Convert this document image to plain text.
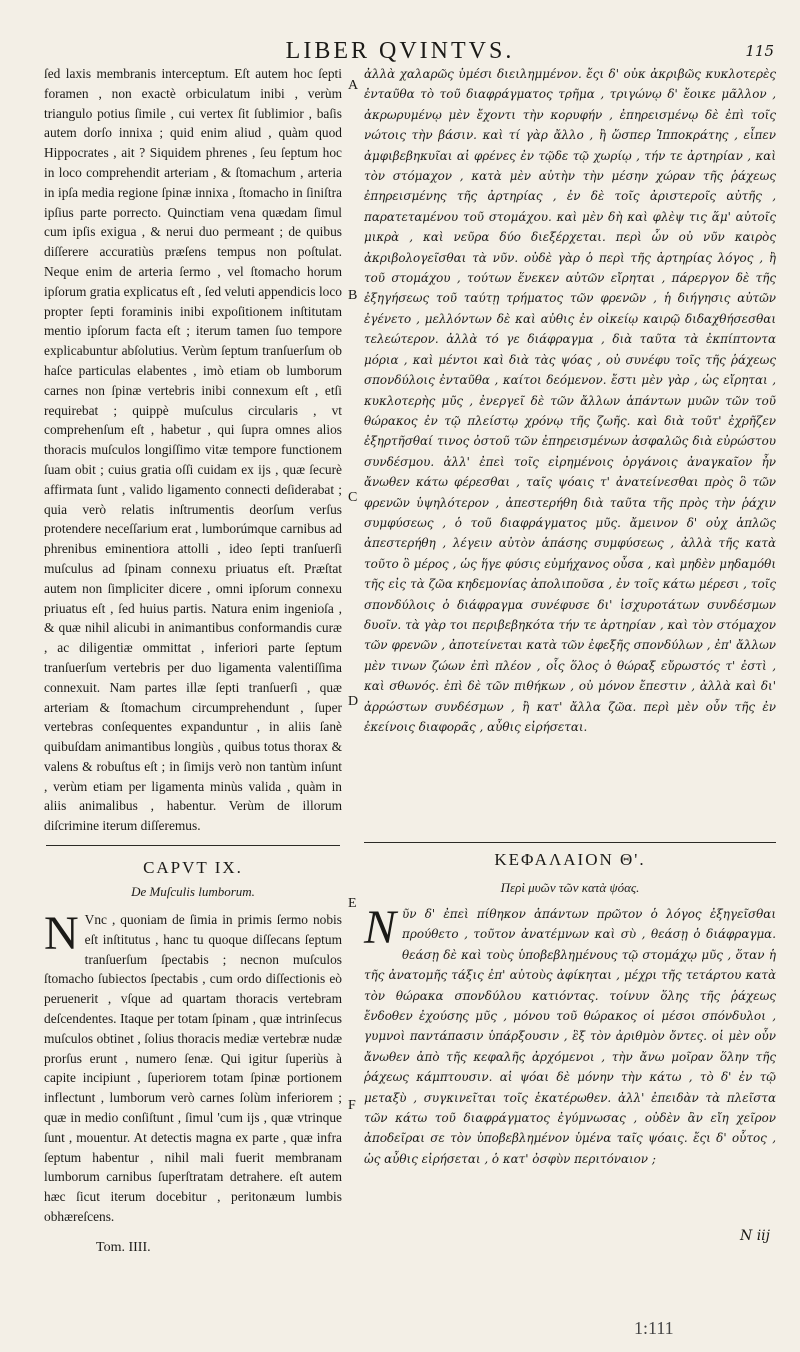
LIBER QVINTVS.	115

ſed laxis membranis interceptum. Eſt autem hoc ſepti foramen , non exactè orbiculatum inibi , verùm triangulo potius ſimile , cui vertex ſit ſublimior , baſis autem dorſo innixa ; quid enim aliud , quàm quod Hippocrates , ait ? Siquidem phrenes , ſeu ſeptum hoc in loco comprehendit arteriam , & ſtomachum , arteria in ipſa media regione ſpinæ innixa , ſtomacho in ſiniſtra ipſius parte porrecto. Quinctiam vena quædam ſimul cum ipſis exigua , & nerui duo permeant ; de quibus diſſerere accuratiùs præſens tempus non poſtulat. Neque enim de arteria ſermo , vel ſtomacho horum ipſorum gratia explicatus eſt , ſed veluti appendicis loco propter ſepti foraminis inibi expoſitionem inſtitutam mentio ipſorum facta eſt ; iterum tamen ſuo tempore explicabuntur abſolutius. Verùm ſeptum tranſuerſum ob haſce particulas elabentes , imò etiam ob lumborum carnes non ſpinæ vertebris inibi connexum eſt , etſi requirebat ; quippè muſculus circularis , vt comprehenſum eſt , habetur , qui ſupra omnes alios thoracis muſculos longiſſimo vitæ tempore functionem ſuam obit ; cuius gratia oſſi cuidam ex ijs , quæ ſecurè affirmata ſunt , valido ligamento connecti deſiderabat ; quia verò relatis inſtrumentis deorſum verſus protendere neceſſarium erat , lumborúmque carnibus ad phrenibus eminentiora attolli , ideo ſepti tranſuerſi muſculus ad ſpinam connexu priuatus eſt. Præſtat autem non ſimpliciter dicere , omni ipſorum connexu priuatus eſt , ſed huius partis. Natura enim ingenioſa , & quæ nihil alicubi in animantibus conformandis curæ , ac diligentiæ ommittat , inferiori parte ſeptum tranſuerſum vertebris per duo ligamenta valentiſſima connexuit. Nam partes illæ ſepti tranſuerſi , quæ arteriam & ſtomachum circumprehendunt , ſuper vertebras conſequentes expanduntur , in aliis ſanè quibuſdam animantibus longiùs , quibus totus thorax & valens & robuſtus eſt ; in ſimijs verò non tantùm inſunt , verùm etiam per ligamenta minùs valida , quàm in aliis animalibus , habentur. Verùm de illorum diſcrimine iterum diſſeremus.

CAPVT IX.
De Muſculis lumborum.

N Vnc , quoniam de ſimia in primis ſermo nobis eſt inſtitutus , hanc tu quoque diſſecans ſeptum tranſuerſum ſpectabis ; necnon muſculos ſtomacho ſubiectos ſpectabis , cum ordo diſſectionis eò peruenerit , vſque ad quartam thoracis vertebram deſcendentes. Itaque per totam ſpinam , quæ intrinſecus muſculos obtinet , ſolius thoracis mediæ vertebræ nudæ prorſus erunt , numero ſenæ. Qui igitur ſuperiùs à capite incipiunt , ſuperiorem totam ſpinæ portionem inflectunt , lumborum verò carnes ſolùm inferiorem ; quæ in medio conſiſtunt , ſimul 'cum ijs , quæ vtrinque ſunt , mouentur. At detectis magna ex parte , quæ infra ſeptum habentur , nihil mali fuerit membranam lumborum carnibus ſuperſtratam detrahere. eſt autem hæc ſicut iterum docebitur , peritonæum lumbis obhæreſcens.

Tom. IIII.

ἀλλὰ χαλαρῶς ὑμέσι διειλημμένον. ἔςι δ' οὐκ ἀκριβῶς κυκλοτερὲς ἐνταῦθα τὸ τοῦ διαφράγματος τρῆμα , τριγώνῳ δ' ἔοικε μᾶλλον , ἀκρωρυμένῳ μὲν ἔχοντι τὴν κορυφήν , ἐπηρεισμένῳ δὲ ἐπὶ τοῖς νώτοις τὴν βάσιν. καὶ τί γὰρ ἄλλο , ἢ ὥσπερ Ἱπποκράτης , εἶπεν ἀμφιβεβηκυῖαι αἱ φρένες ἐν τῷδε τῷ χωρίῳ , τήν τε ἀρτηρίαν , καὶ τὸν στόμαχον , κατὰ μὲν αὐτὴν τὴν μέσην χώραν τῆς ῥάχεως ἐπηρεισμένης τῆς ἀρτηρίας , ἐν δὲ τοῖς ἀριστεροῖς αὐτῆς , παρατεταμένου τοῦ στομάχου. καὶ μὲν δὴ καὶ φλὲψ τις ἅμ' αὐτοῖς μικρὰ , καὶ νεῦρα δύο διεξέρχεται. περὶ ὧν οὐ νῦν καιρὸς ἀκριβολογεῖσθαι τὰ νῦν. οὐδὲ γὰρ ὁ περὶ τῆς ἀρτηρίας λόγος , ἢ τοῦ στομάχου , τούτων ἕνεκεν αὐτῶν εἴρηται , πάρεργον δὲ τῆς ἐξηγήσεως τοῦ ταύτῃ τρήματος τῶν φρενῶν , ἡ διήγησις αὐτῶν ἐγένετο , μελλόντων δὲ καὶ αὐθις ἐν οἰκείῳ καιρῷ διδαχθήσεσθαι τελεώτερον. ἀλλὰ τό γε διάφραγμα , διὰ ταῦτα τὰ ἐκπίπτοντα μόρια , καὶ μέντοι καὶ διὰ τὰς ψόας , οὐ συνέφυ τοῖς τῆς ῥάχεως σπονδύλοις ἐνταῦθα , καίτοι δεόμενον. ἔστι μὲν γὰρ , ὡς εἴρηται , κυκλοτερὴς μῦς , ἐνεργεῖ δὲ τῶν ἄλλων ἁπάντων μυῶν τῶν τοῦ θώρακος ἐν τῷ πλείστῳ χρόνῳ τῆς ζωῆς. καὶ διὰ τοῦτ' ἐχρῆζεν ἐξηρτῆσθαί τινος ὀστοῦ τῶν ἐπηρεισμένων ἀσφαλῶς διὰ εὐρώστου συνδέσμου. ἀλλ' ἐπεὶ τοῖς εἰρημένοις ὀργάνοις ἀναγκαῖον ἦν ἄνωθεν κάτω φέρεσθαι , ταῖς ψόαις τ' ἀνατείνεσθαι πρὸς ὃ τῶν φρενῶν ὑψηλότερον , ἀπεστερήθη διὰ ταῦτα τῆς πρὸς τὴν ῥάχιν συμφύσεως , ὁ τοῦ διαφράγματος μῦς. ἄμεινον δ' οὐχ ἁπλῶς ἀπεστερήθη , λέγειν αὐτὸν ἁπάσης συμφύσεως , ἀλλὰ τῆς κατὰ τοῦτο ὃ μέρος , ὡς ἥγε φύσις εὐμήχανος οὖσα , καὶ μηδὲν μηδαμόθι τῆς εἰς τὰ ζῶα κηδεμονίας ἀπολιποῦσα , ἐν τοῖς κάτω μέρεσι , τοῖς σπονδύλοις ὁ διάφραγμα συνέφυσε δι' ἰσχυροτάτων συνδέσμων δυοῖν. τὰ γὰρ τοι περιβεβηκότα τήν τε ἀρτηρίαν , καὶ τὸν στόμαχον τῶν φρενῶν , ἀποτείνεται κατὰ τῶν ἐφεξῆς σπονδύλων , ἐπ' ἄλλων μὲν τινων ζώων ἐπὶ πλέον , οἷς ὅλος ὁ θώραξ εὔρωστός τ' ἐστὶ , καὶ σθωνός. ἐπὶ δὲ τῶν πιθήκων , οὐ μόνον ἔπεστιν , ἀλλὰ καὶ δι' ἀρρώστων συνδέσμων , ἢ κατ' ἄλλα ζῶα. περὶ μὲν οὖν τῆς ἐν ἐκείνοις διαφορᾶς , αὖθις εἰρήσεται.

ΚΕΦΑΛΑΙΟΝ Θ'.
Περὶ μυῶν τῶν κατὰ ψόας.

N ῦν δ' ἐπεὶ πίθηκον ἁπάντων πρῶτον ὁ λόγος ἐξηγεῖσθαι προύθετο , τοῦτον ἀνατέμνων καὶ σὺ , θεάσῃ ὁ διάφραγμα. θεάσῃ δὲ καὶ τοὺς ὑποβεβλημένους τῷ στομάχῳ μῦς , ὅταν ἡ τῆς ἀνατομῆς τάξις ἐπ' αὐτοὺς ἀφίκηται , μέχρι τῆς τετάρτου κατὰ τὸν θώρακα σπονδύλου κατιόντας. τοίνυν ὅλης τῆς ῥάχεως ἔνδοθεν ἐχούσης μῦς , μόνου τοῦ θώρακος οἱ μέσοι σπόνδυλοι , γυμνοὶ παντάπασιν ὑπάρξουσιν , ἓξ τὸν ἀριθμὸν ὄντες. οἱ μὲν οὖν ἄνωθεν ἀπὸ τῆς κεφαλῆς ἀρχόμενοι , τὴν ἄνω μοῖραν ὅλην τῆς ῥάχεως κάμπτουσιν. αἱ ψόαι δὲ μόνην τὴν κάτω , τὸ δ' ἐν τῷ μεταξὺ , συγκινεῖται τοῖς ἑκατέρωθεν. ἀλλ' ἐπειδὰν τὰ πλεῖστα τῶν κάτω τοῦ διαφράγματος ἐγύμνωσας , οὐδὲν ἂν εἴη χεῖρον ἀποδεῖραι σε τὸν ὑποβεβλημένον ὑμένα ταῖς ψόαις. ἔςι δ' οὗτος , ὡς αὖθις εἰρήσεται , ὁ κατ' ὀσφὺν περιτόναιον ;

N iij
A
B
C
D
E
F
1:111
